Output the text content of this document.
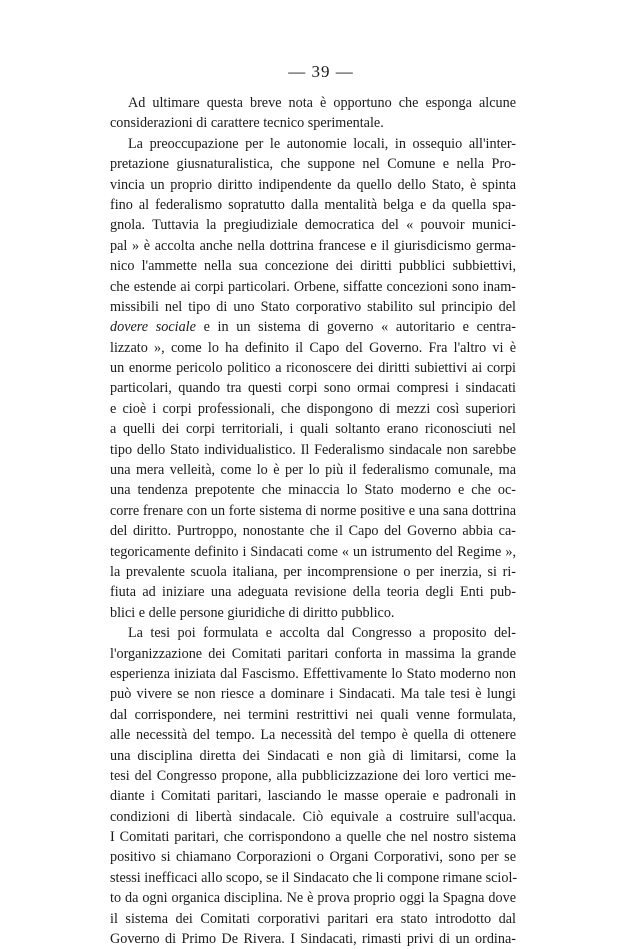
— 39 —
Ad ultimare questa breve nota è opportuno che esponga alcune
considerazioni di carattere tecnico sperimentale.
La preoccupazione per le autonomie locali, in ossequio all'inter-
pretazione giusnaturalistica, che suppone nel Comune e nella Pro-
vincia un proprio diritto indipendente da quello dello Stato, è spinta
fino al federalismo sopratutto dalla mentalità belga e da quella spa-
gnola. Tuttavia la pregiudiziale democratica del « pouvoir munici-
pal » è accolta anche nella dottrina francese e il giurisdicismo germa-
nico l'ammette nella sua concezione dei diritti pubblici subbiettivi,
che estende ai corpi particolari. Orbene, siffatte concezioni sono inam-
missibili nel tipo di uno Stato corporativo stabilito sul principio del
dovere sociale e in un sistema di governo « autoritario e centra-
lizzato », come lo ha definito il Capo del Governo. Fra l'altro vi è
un enorme pericolo politico a riconoscere dei diritti subiettivi ai corpi
particolari, quando tra questi corpi sono ormai compresi i sindacati
e cioè i corpi professionali, che dispongono di mezzi così superiori
a quelli dei corpi territoriali, i quali soltanto erano riconosciuti nel
tipo dello Stato individualistico. Il Federalismo sindacale non sarebbe
una mera velleità, come lo è per lo più il federalismo comunale, ma
una tendenza prepotente che minaccia lo Stato moderno e che oc-
corre frenare con un forte sistema di norme positive e una sana dottrina
del diritto. Purtroppo, nonostante che il Capo del Governo abbia ca-
tegoricamente definito i Sindacati come « un istrumento del Regime »,
la prevalente scuola italiana, per incomprensione o per inerzia, si ri-
fiuta ad iniziare una adeguata revisione della teoria degli Enti pub-
blici e delle persone giuridiche di diritto pubblico.
La tesi poi formulata e accolta dal Congresso a proposito del-
l'organizzazione dei Comitati paritari conforta in massima la grande
esperienza iniziata dal Fascismo. Effettivamente lo Stato moderno non
può vivere se non riesce a dominare i Sindacati. Ma tale tesi è lungi
dal corrispondere, nei termini restrittivi nei quali venne formulata,
alle necessità del tempo. La necessità del tempo è quella di ottenere
una disciplina diretta dei Sindacati e non già di limitarsi, come la
tesi del Congresso propone, alla pubblicizzazione dei loro vertici me-
diante i Comitati paritari, lasciando le masse operaie e padronali in
condizioni di libertà sindacale. Ciò equivale a costruire sull'acqua.
I Comitati paritari, che corrispondono a quelle che nel nostro sistema
positivo si chiamano Corporazioni o Organi Corporativi, sono per se
stessi inefficaci allo scopo, se il Sindacato che li compone rimane sciol-
to da ogni organica disciplina. Ne è prova proprio oggi la Spagna dove
il sistema dei Comitati corporativi paritari era stato introdotto dal
Governo di Primo De Rivera. I Sindacati, rimasti privi di un ordina-
